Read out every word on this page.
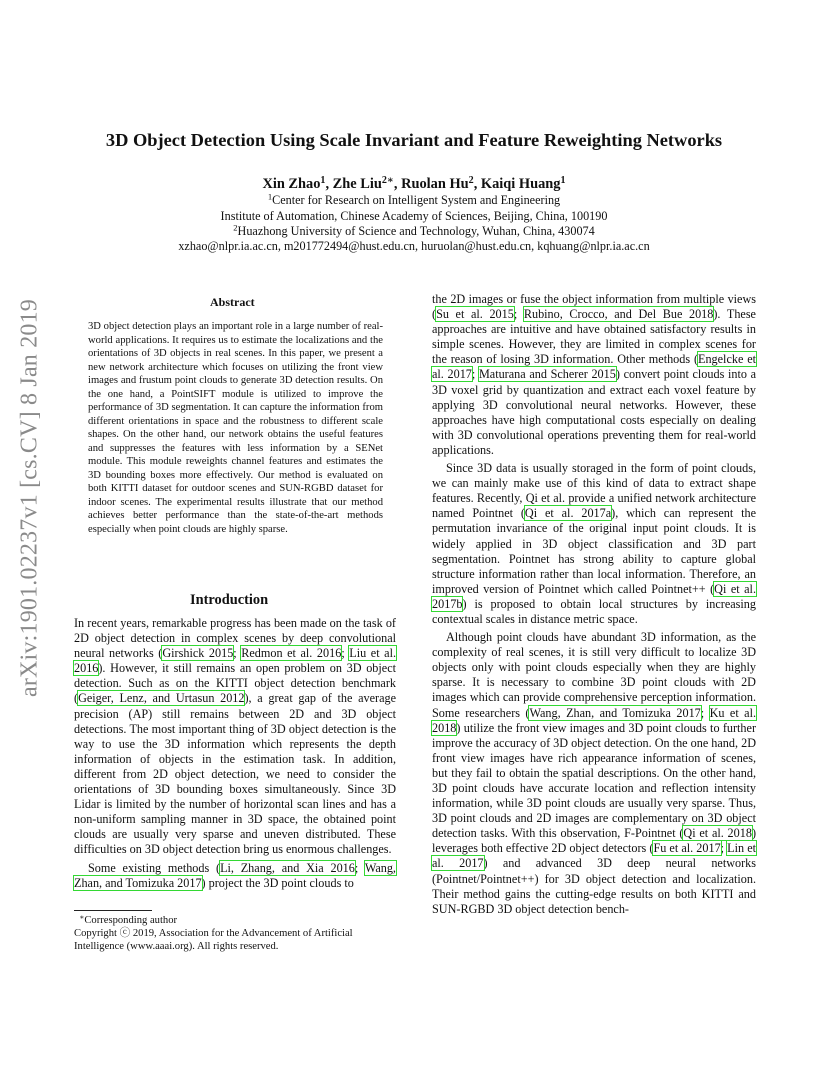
arXiv:1901.02237v1 [cs.CV] 8 Jan 2019
3D Object Detection Using Scale Invariant and Feature Reweighting Networks
Xin Zhao$^1$, Zhe Liu$^{2∗}$, Ruolan Hu$^2$, Kaiqi Huang$^1$
$^1$Center for Research on Intelligent System and Engineering
Institute of Automation, Chinese Academy of Sciences, Beijing, China, 100190
$^2$Huazhong University of Science and Technology, Wuhan, China, 430074
xzhao@nlpr.ia.ac.cn, m201772494@hust.edu.cn, huruolan@hust.edu.cn, kqhuang@nlpr.ia.ac.cn
Abstract

3D object detection plays an important role in a large number of real-world applications. It requires us to estimate the localizations and the orientations of 3D objects in real scenes. In this paper, we present a new network architecture which focuses on utilizing the front view images and frustum point clouds to generate 3D detection results. On the one hand, a PointSIFT module is utilized to improve the performance of 3D segmentation. It can capture the information from different orientations in space and the robustness to different scale shapes. On the other hand, our network obtains the useful features and suppresses the features with less information by a SENet module. This module reweights channel features and estimates the 3D bounding boxes more effectively. Our method is evaluated on both KITTI dataset for outdoor scenes and SUN-RGBD dataset for indoor scenes. The experimental results illustrate that our method achieves better performance than the state-of-the-art methods especially when point clouds are highly sparse.

Introduction

In recent years, remarkable progress has been made on the task of 2D object detection in complex scenes by deep convolutional neural networks (Girshick 2015; Redmon et al. 2016; Liu et al. 2016). However, it still remains an open problem on 3D object detection. Such as on the KITTI object detection benchmark (Geiger, Lenz, and Urtasun 2012), a great gap of the average precision (AP) still remains between 2D and 3D object detections. The most important thing of 3D object detection is the way to use the 3D information which represents the depth information of objects in the estimation task. In addition, different from 2D object detection, we need to consider the orientations of 3D bounding boxes simultaneously. Since 3D Lidar is limited by the number of horizontal scan lines and has a non-uniform sampling manner in 3D space, the obtained point clouds are usually very sparse and uneven distributed. These difficulties on 3D object detection bring us enormous challenges.

Some existing methods (Li, Zhang, and Xia 2016; Wang, Zhan, and Tomizuka 2017) project the 3D point clouds to

the 2D images or fuse the object information from multiple views (Su et al. 2015; Rubino, Crocco, and Del Bue 2018). These approaches are intuitive and have obtained satisfactory results in simple scenes. However, they are limited in complex scenes for the reason of losing 3D information. Other methods (Engelcke et al. 2017; Maturana and Scherer 2015) convert point clouds into a 3D voxel grid by quantization and extract each voxel feature by applying 3D convolutional neural networks. However, these approaches have high computational costs especially on dealing with 3D convolutional operations preventing them for real-world applications.

Since 3D data is usually storaged in the form of point clouds, we can mainly make use of this kind of data to extract shape features. Recently, Qi et al. provide a unified network architecture named Pointnet (Qi et al. 2017a), which can represent the permutation invariance of the original input point clouds. It is widely applied in 3D object classification and 3D part segmentation. Pointnet has strong ability to capture global structure information rather than local information. Therefore, an improved version of Pointnet which called Pointnet++ (Qi et al. 2017b) is proposed to obtain local structures by increasing contextual scales in distance metric space.

Although point clouds have abundant 3D information, as the complexity of real scenes, it is still very difficult to localize 3D objects only with point clouds especially when they are highly sparse. It is necessary to combine 3D point clouds with 2D images which can provide comprehensive perception information. Some researchers (Wang, Zhan, and Tomizuka 2017; Ku et al. 2018) utilize the front view images and 3D point clouds to further improve the accuracy of 3D object detection. On the one hand, 2D front view images have rich appearance information of scenes, but they fail to obtain the spatial descriptions. On the other hand, 3D point clouds have accurate location and reflection intensity information, while 3D point clouds are usually very sparse. Thus, 3D point clouds and 2D images are complementary on 3D object detection tasks. With this observation, F-Pointnet (Qi et al. 2018) leverages both effective 2D object detectors (Fu et al. 2017; Lin et al. 2017) and advanced 3D deep neural networks (Pointnet/Pointnet++) for 3D object detection and localization. Their method gains the cutting-edge results on both KITTI and SUN-RGBD 3D object detection bench-

∗Corresponding author
Copyright ⓒ 2019, Association for the Advancement of Artificial Intelligence (www.aaai.org). All rights reserved.
